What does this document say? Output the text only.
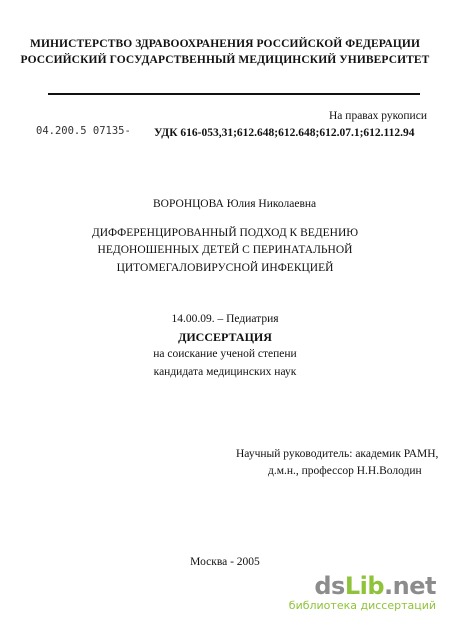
МИНИСТЕРСТВО ЗДРАВООХРАНЕНИЯ РОССИЙСКОЙ ФЕДЕРАЦИИ
РОССИЙСКИЙ ГОСУДАРСТВЕННЫЙ МЕДИЦИНСКИЙ УНИВЕРСИТЕТ
04.200.5 07135-
На правах рукописи
УДК 616-053,31;612.648;612.648;612.07.1;612.112.94
ВОРОНЦОВА Юлия Николаевна
ДИФФЕРЕНЦИРОВАННЫЙ ПОДХОД К ВЕДЕНИЮ
НЕДОНОШЕННЫХ ДЕТЕЙ С ПЕРИНАТАЛЬНОЙ
ЦИТОМЕГАЛОВИРУСНОЙ ИНФЕКЦИЕЙ
14.00.09. – Педиатрия
ДИССЕРТАЦИЯ
на соискание ученой степени
кандидата медицинских наук
Научный руководитель: академик РАМН,
д.м.н., профессор Н.Н.Володин
Москва - 2005
dsLib.net
библиотека диссертаций
